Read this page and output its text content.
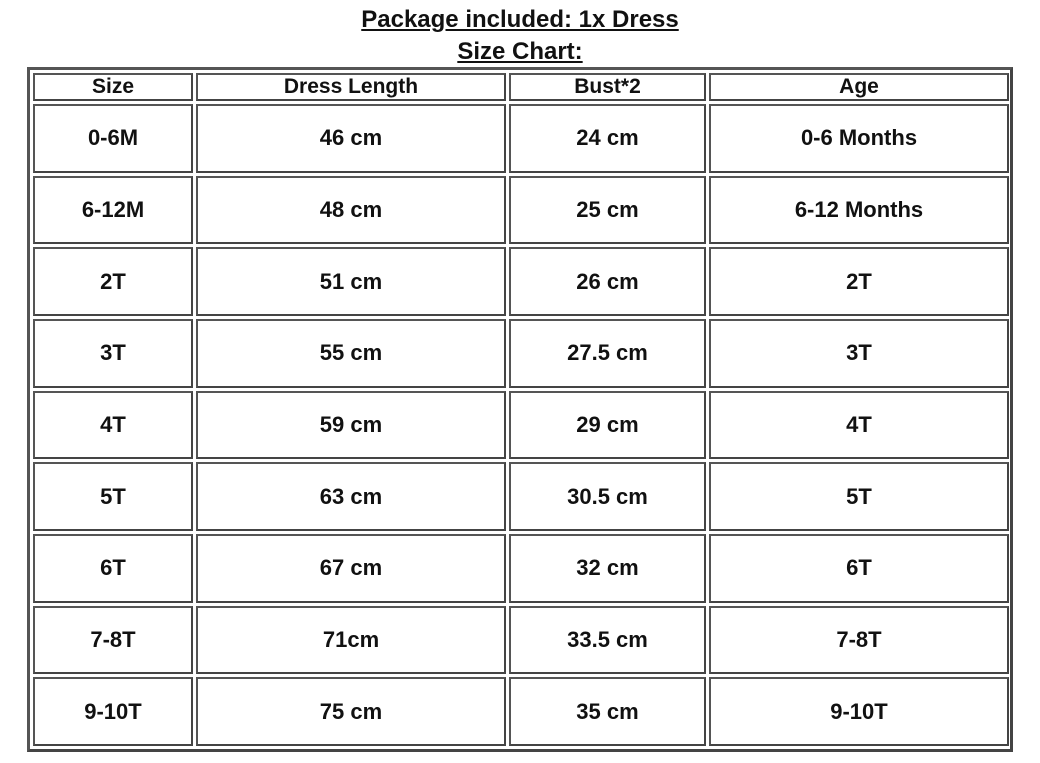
Package included: 1x Dress

Size Chart:

Size	Dress Length	Bust*2	Age
0-6M	46 cm	24 cm	0-6 Months
6-12M	48 cm	25 cm	6-12 Months
2T	51 cm	26 cm	2T
3T	55 cm	27.5 cm	3T
4T	59 cm	29 cm	4T
5T	63 cm	30.5 cm	5T
6T	67 cm	32 cm	6T
7-8T	71cm	33.5 cm	7-8T
9-10T	75 cm	35 cm	9-10T
